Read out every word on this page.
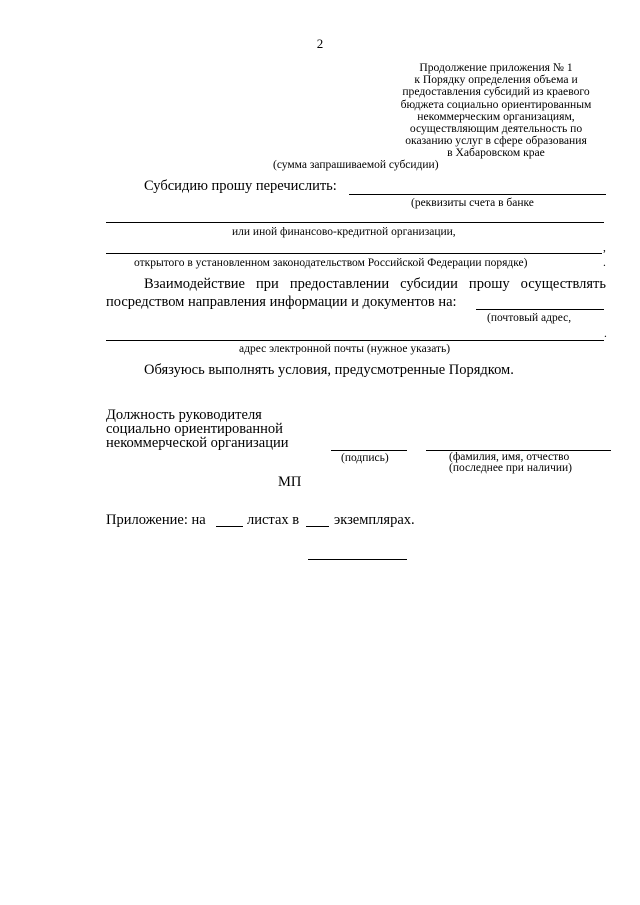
2
Продолжение приложения № 1
к Порядку определения объема и
предоставления субсидий из краевого
бюджета социально ориентированным
некоммерческим организациям,
осуществляющим деятельность по
оказанию услуг в сфере образования
в Хабаровском крае
(сумма запрашиваемой субсидии)
Субсидию прошу перечислить:
(реквизиты счета в банке
или иной финансово-кредитной организации,
,
открытого в установленном законодательством Российской Федерации порядке)	.
Взаимодействие при предоставлении субсидии прошу осуществлять
посредством направления информации и документов на:
(почтовый адрес,
.
адрес электронной почты (нужное указать)
Обязуюсь выполнять условия, предусмотренные Порядком.
Должность руководителя
социально ориентированной
некоммерческой организации
(подпись)	(фамилия, имя, отчество
(последнее при наличии)
МП
Приложение: на	листах в экземплярах.
